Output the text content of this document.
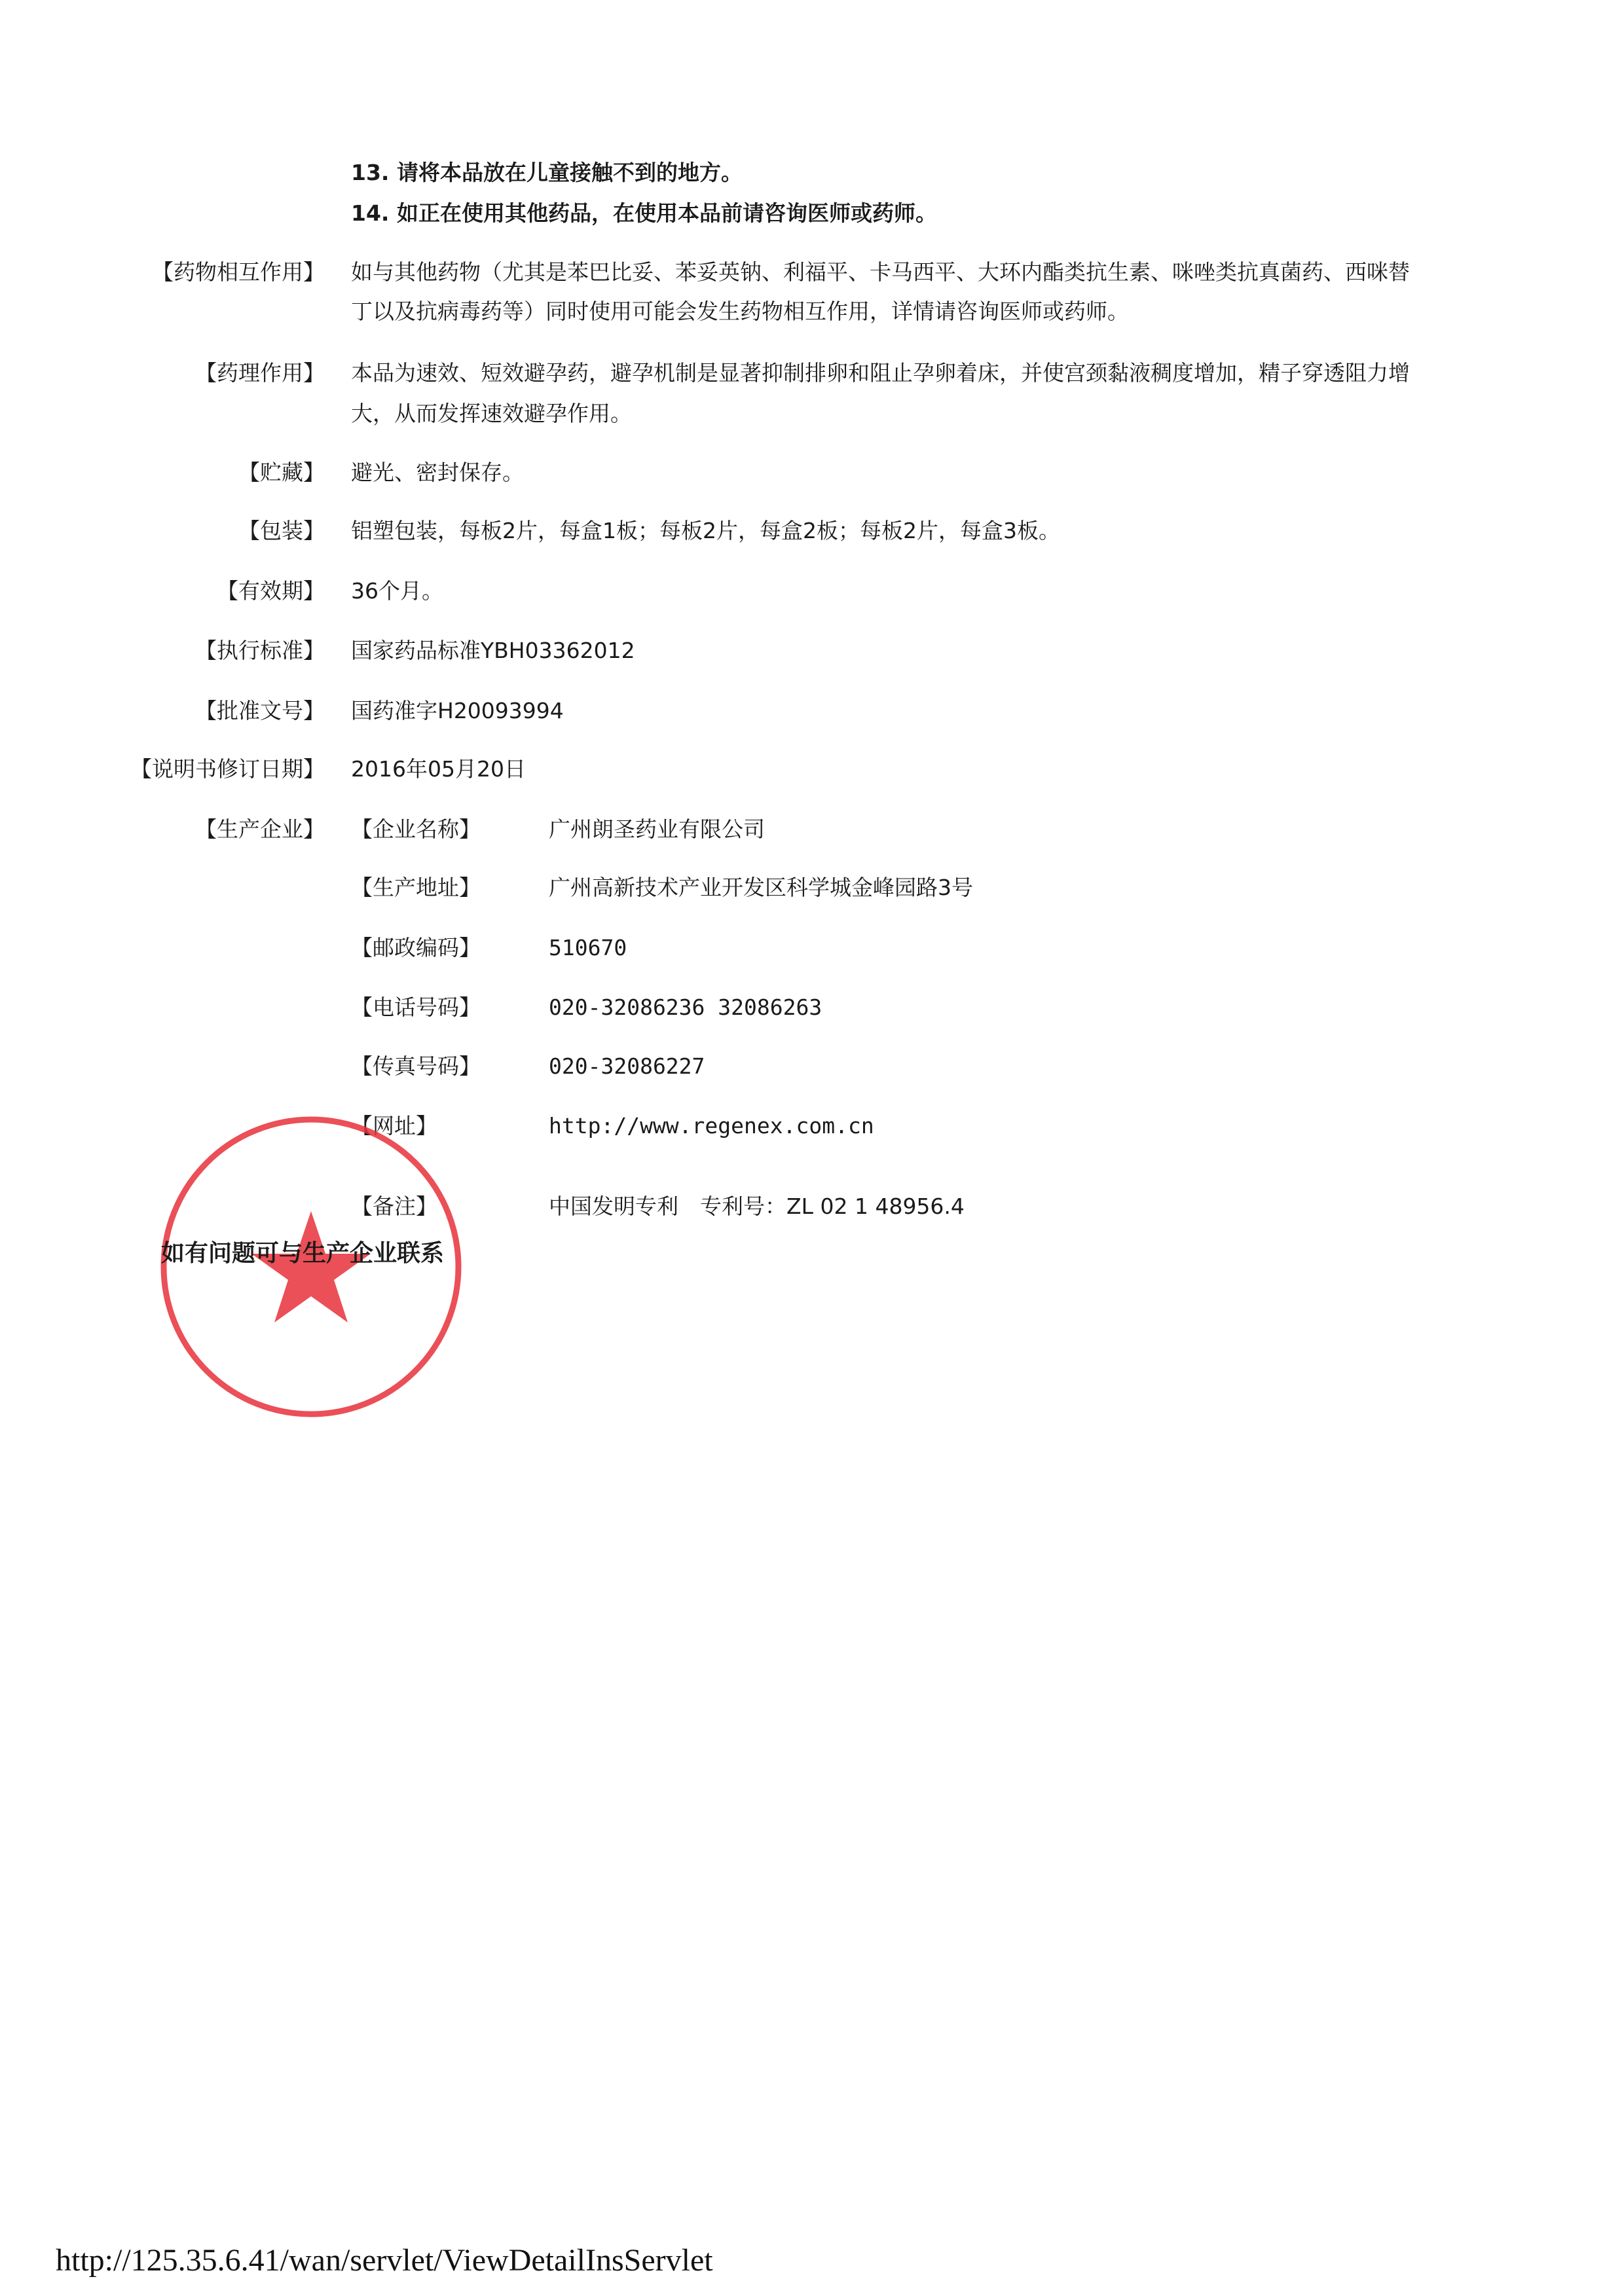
13. 请将本品放在儿童接触不到的地方。
14. 如正在使用其他药品，在使用本品前请咨询医师或药师。
【药物相互作用】 如与其他药物（尤其是苯巴比妥、苯妥英钠、利福平、卡马西平、大环内酯类抗生素、咪唑类抗真菌药、西咪替
丁以及抗病毒药等）同时使用可能会发生药物相互作用，详情请咨询医师或药师。
【药理作用】 本品为速效、短效避孕药，避孕机制是显著抑制排卵和阻止孕卵着床，并使宫颈黏液稠度增加，精子穿透阻力增
大，从而发挥速效避孕作用。
【贮藏】 避光、密封保存。
【包装】 铝塑包装，每板2片，每盒1板；每板2片，每盒2板；每板2片，每盒3板。
【有效期】 36个月。
【执行标准】 国家药品标准YBH03362012
【批准文号】 国药准字H20093994
【说明书修订日期】 2016年05月20日
【生产企业】 【企业名称】	广州朗圣药业有限公司
【生产地址】	广州高新技术产业开发区科学城金峰园路3号
【邮政编码】	510670
【电话号码】	020-32086236 32086263
【传真号码】	020-32086227
【网址】	http://www.regenex.com.cn
【备注】	中国发明专利　专利号：ZL 02 1 48956.4
如有问题可与生产企业联系
http://125.35.6.41/wan/servlet/ViewDetailInsServlet
